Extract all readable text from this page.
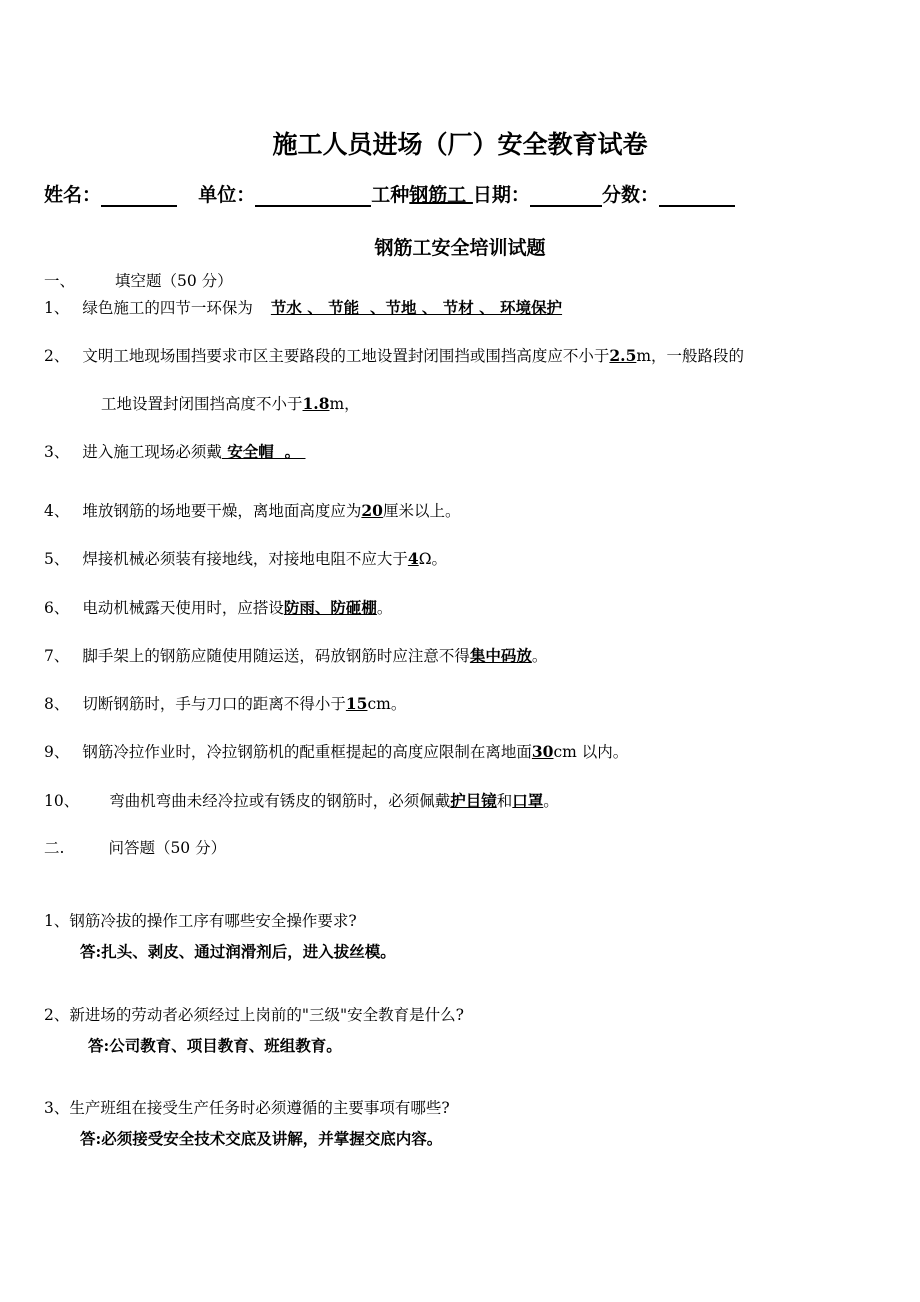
施工人员进场（厂）安全教育试卷
姓名：	单位：	工种钢筋工 日期：	分数：
钢筋工安全培训试题
一、	填空题（50 分）
1、 绿色施工的四节一环保为 节水 、 节能  、节地 、 节材 、 环境保护
2、 文明工地现场围挡要求市区主要路段的工地设置封闭围挡或围挡高度应不小于2.5m，一般路段的
工地设置封闭围挡高度不小于1.8m，
3、 进入施工现场必须戴 安全帽  。
4、 堆放钢筋的场地要干燥，离地面高度应为20厘米以上。
5、 焊接机械必须装有接地线，对接地电阻不应大于4Ω。
6、 电动机械露天使用时，应搭设防雨、防砸棚。
7、 脚手架上的钢筋应随使用随运送，码放钢筋时应注意不得集中码放。
8、 切断钢筋时，手与刀口的距离不得小于15cm。
9、 钢筋冷拉作业时，冷拉钢筋机的配重框提起的高度应限制在离地面30cm 以内。
10、 弯曲机弯曲未经冷拉或有锈皮的钢筋时，必须佩戴护目镜和口罩。
二.	问答题（50 分）
1、钢筋冷拔的操作工序有哪些安全操作要求?
答:扎头、剥皮、通过润滑剂后，进入拔丝模。
2、新进场的劳动者必须经过上岗前的"三级"安全教育是什么?
答:公司教育、项目教育、班组教育。
3、生产班组在接受生产任务时必须遵循的主要事项有哪些?
答:必须接受安全技术交底及讲解，并掌握交底内容。
